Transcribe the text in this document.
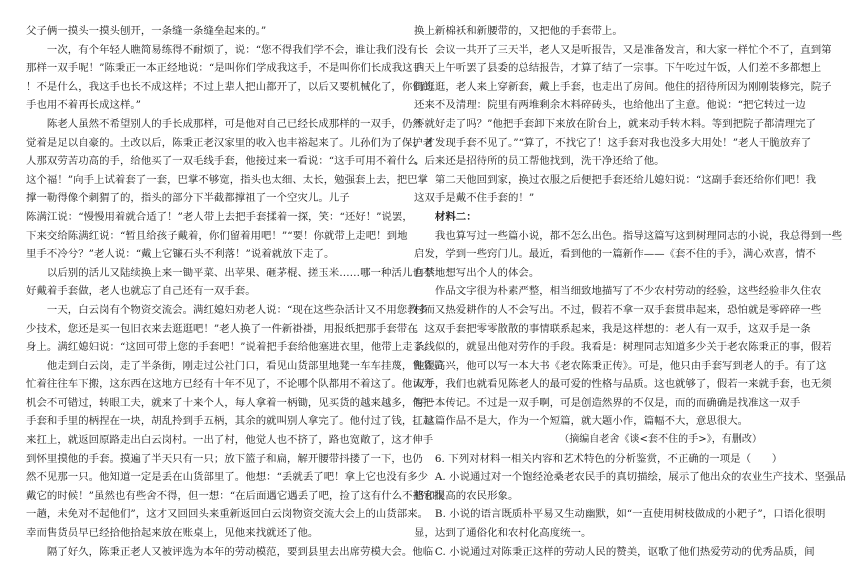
父子俩一摸头一摸头刨开，一条缝一条缝垒起来的。”
　　一次，有个年轻人瞧简易练得不耐烦了，说：“您不得我们学不会，谁让我们没有长
那样一双手呢！”陈秉正一本正经地说：“是叫你们学成我这手，不是叫你们长成我这手
！不是什么，我这手也长不成这样；不过上辈人把山都开了，以后又要机械化了，你们的
手也用不着再长成这样。”
　　陈老人虽然不希望别人的手长成那样，可是他对自己已经长成那样的一双手，仍然
觉着是足以自豪的。土改以后，陈秉正老汉家里的收入也丰裕起来了。儿孙们为了保护老
人那双劳苦功高的手，给他买了一双毛线手套，他接过来一看说：“这手可用不着什么
这个福！”向手上试着套了一套，巴掌不够宽，指头也太细、太长，勉强套上去，把巴掌
撑一勒得像个刺猬了的，指头的部分下半截都撑祖了一个空灾儿。儿子
陈满江说：“慢慢用着就合适了！”老人带上去把手套揉着一探，笑：“还好！”说罢，
下来交给陈满红说：“暂且给孩子戴着，你们留着用吧！”“要！你就带上走吧！到地
里手不冷兮？”老人说：“戴上它镰石头不利落！”说着就放下走了。
　　以后别的活儿又陆续换上来一锄平菜、出苹果、砸茅棍、搓玉米……哪一种活儿也不
好戴着手套做，老人也就忘了自己还有一双手套。
　　一天，白云岗有个物资交流会。满红媳妇劝老人说：“现在这些杂活计又不用您教多
少技术，您还是买一包旧衣来去逛逛吧！”老人换了一件新褂褂，用报纸把那手套带在
身上。满红媳妇说：“这回可带上您的手套吧！”说着把手套给他塞进衣里，他带上走了。
　　他走到白云岗，走了半条街，刚走过公社门口，看见山货部里地凳一车车挂蔑，售货员
忙着往往车下搬，这东西在这地方已经有十年不见了，不论哪个队都用不着这了。他认为
机会不可错过，转眼工夫，就来了十来个人，每人拿着一柄锄，见买货的越来越多，他把
手套和手里的柄捏在一块，胡乱拎到手五柄，其余的就叫别人拿完了。他付过了钱，扛起
来扛上，就返回原路走出白云岗村。一出了村，他觉人也不挤了，路也宽敞了，这才伸手
到怀里摸他的手套。摸遍了半天只有一只；放下篮子和扁，解开腰带抖搂了一下，也仍
然不见那一只。他知道一定是丢在山货部里了。他想：“丢就丢了吧！拿上它也没有多少
戴它的时候！”虽然也有些舍不得，但一想：“在后面遇它遇丢了吧，捡了这有什么不把它找
一趟，未免对不起他们”，这才又回回头来重新返回白云岗物资交流大会上的山货部来。
幸而售货员早已经拾他拾起来放在账桌上，见他来找就还了他。
　　隔了好久，陈秉正老人又被评选为本年的劳动模范，要到县里去出席劳模大会。他临
换上新棉袄和新腰带的，又把他的手套带上。
　　会议一共开了三天半，老人又是听报告，又是准备发言，和大家一样忙个不了，直到第
四天上午听罢了县委的总结报告，才算了结了一宗事。下午吃过午饭，人们差不多都想上
街逛逛，老人来上穿新套，戴上手套，也走出了房间。他住的招待所因为刚刚装修完，院子
还来不及清理：院里有两堆剩余木料碎砖头，也给他出了主意。他说：“把它转过一边
不就好走了吗？”他把手套卸下来放在阶台上，就来动手转木料。等到把院子都清理完了
，才发现手套不见了。”“算了，不找它了！这手套对我也没多大用处！”老人干脆放弃了
。后来还是招待所的员工帮他找到，洗干净还给了他。
　　第二天他回到家，换过衣服之后便把手套还给儿媳妇说：“这副手套还给你们吧！我
这双手是戴不住手套的！”
　　材料二：
　　我也算写过一些篇小说，都不怎么出色。指导这篇写这到树理同志的小说，我总得到一些
启发，学到一些窍门儿。最近，看到他的一篇新作——《套不住的手》，满心欢喜，情不
自禁地想写出个人的体会。
　　作品文字很为朴素严整，相当细致地描写了不少农村劳动的经验，这些经验非久住农
村而又热爱耕作的人不会写出。不过，假若不拿一双手套贯串起来，恐怕就是零碎碎一些
。这双手套把零零散散的事情联系起来，我是这样想的：老人有一双手，这双手是一条
条线似的，就显出他对劳作的手段。我看是：树理同志知道多少关于老农陈秉正的事，假若
他很高兴，他可以写一本大书《老农陈秉正传》。可是，他只由手套写到老人的手。有了这
双手，我们也就看见陈老人的最可爱的性格与品质。这也就够了，假若一来就手套，也无须
写一本传记。不过是一双手啊，可是创造然界的不仅是，而的而确确是找准这一双手
。这篇作品不是大，作为一个短篇，就大题小作，篇幅不大，意思很大。
（摘编自老舍《谈<套不住的手>》，有删改）
　　6. 下列对材料一相关内容和艺术特色的分析鉴赏，不正确的一项是（　　）
　　A. 小说通过对一个饱经沧桑老农民手的真切描绘，展示了他出众的农业生产技术、坚强品
格和很高的农民形象。
　　B. 小说的语言既质朴平易又生动幽默，如“一直使用树枝做成的小耙子”，口语化很明
显，达到了通俗化和农村化高度统一。
　　C. 小说通过对陈秉正这样的劳动人民的赞美，讴歌了他们热爱劳动的优秀品质，间
